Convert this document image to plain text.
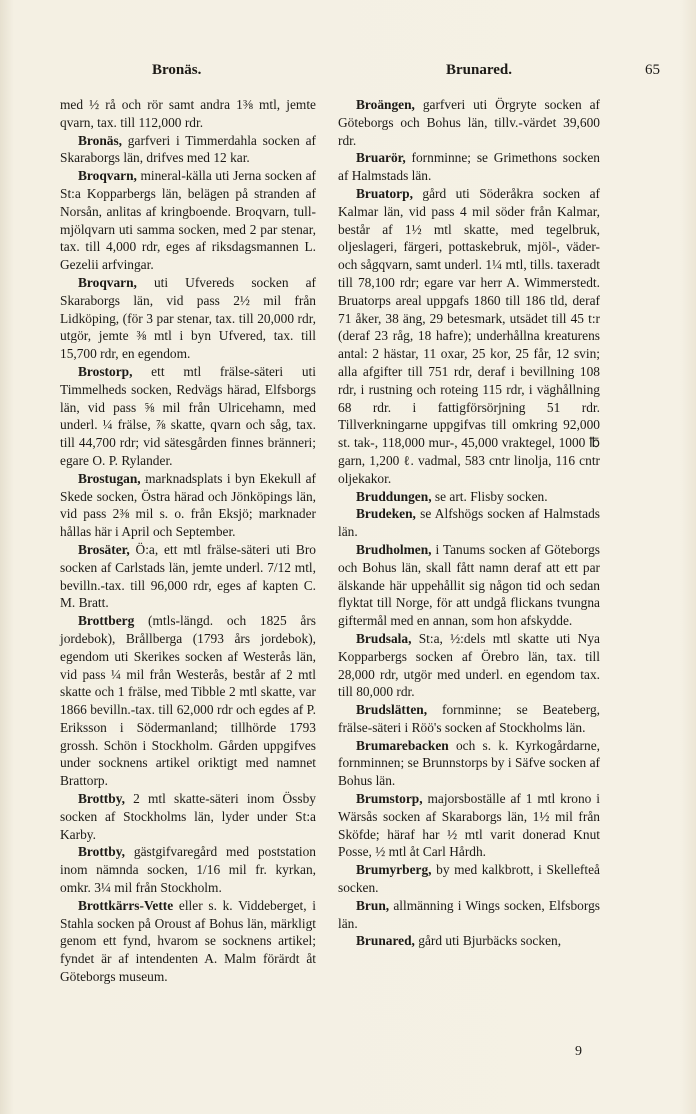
Bronäs.	Brunared.	65

med ½ rå och rör samt andra 1⅜ mtl, jemte qvarn, tax. till 112,000 rdr.

Bronäs, garfveri i Timmerdahla socken af Skaraborgs län, drifves med 12 kar.

Broqvarn, mineral-källa uti Jerna socken af St:a Kopparbergs län, belägen på stranden af Norsån, anlitas af kringboende. Broqvarn, tull-mjölqvarn uti samma socken, med 2 par stenar, tax. till 4,000 rdr, eges af riksdagsmannen L. Gezelii arfvingar.

Broqvarn, uti Ufvereds socken af Skaraborgs län, vid pass 2½ mil från Lidköping, (för 3 par stenar, tax. till 20,000 rdr, utgör, jemte ⅜ mtl i byn Ufvered, tax. till 15,700 rdr, en egendom.

Brostorp, ett mtl frälse-säteri uti Timmelheds socken, Redvägs härad, Elfsborgs län, vid pass ⅝ mil från Ulricehamn, med underl. ¼ frälse, ⅞ skatte, qvarn och såg, tax. till 44,700 rdr; vid sätesgården finnes bränneri; egare O. P. Rylander.

Brostugan, marknadsplats i byn Ekekull af Skede socken, Östra härad och Jönköpings län, vid pass 2⅜ mil s. o. från Eksjö; marknader hållas här i April och September.

Brosäter, Ö:a, ett mtl frälse-säteri uti Bro socken af Carlstads län, jemte underl. 7/12 mtl, bevilln.-tax. till 96,000 rdr, eges af kapten C. M. Bratt.

Brottberg (mtls-längd. och 1825 års jordebok), Brållberga (1793 års jordebok), egendom uti Skerikes socken af Westerås län, vid pass ¼ mil från Westerås, består af 2 mtl skatte och 1 frälse, med Tibble 2 mtl skatte, var 1866 bevilln.-tax. till 62,000 rdr och egdes af P. Eriksson i Södermanland; tillhörde 1793 grossh. Schön i Stockholm. Gården uppgifves under socknens artikel oriktigt med namnet Brattorp.

Brottby, 2 mtl skatte-säteri inom Össby socken af Stockholms län, lyder under St:a Karby.

Brottby, gästgifvaregård med poststation inom nämnda socken, 1/16 mil fr. kyrkan, omkr. 3¼ mil från Stockholm.

Brottkärrs-Vette eller s. k. Viddeberget, i Stahla socken på Oroust af Bohus län, märkligt genom ett fynd, hvarom se socknens artikel; fyndet är af intendenten A. Malm förärdt åt Göteborgs museum.

Broängen, garfveri uti Örgryte socken af Göteborgs och Bohus län, tillv.-värdet 39,600 rdr.

Bruarör, fornminne; se Grimethons socken af Halmstads län.

Bruatorp, gård uti Söderåkra socken af Kalmar län, vid pass 4 mil söder från Kalmar, består af 1½ mtl skatte, med tegelbruk, oljeslageri, färgeri, pottaskebruk, mjöl-, väder- och sågqvarn, samt underl. 1¼ mtl, tills. taxeradt till 78,100 rdr; egare var herr A. Wimmerstedt. Bruatorps areal uppgafs 1860 till 186 tld, deraf 71 åker, 38 äng, 29 betesmark, utsädet till 45 t:r (deraf 23 råg, 18 hafre); underhållna kreaturens antal: 2 hästar, 11 oxar, 25 kor, 25 får, 12 svin; alla afgifter till 751 rdr, deraf i bevillning 108 rdr, i rustning och roteing 115 rdr, i väghållning 68 rdr. i fattigförsörjning 51 rdr. Tillverkningarne uppgifvas till omkring 92,000 st. tak-, 118,000 mur-, 45,000 vraktegel, 1000 ℔ garn, 1,200 ℓ. vadmal, 583 cntr linolja, 116 cntr oljekakor.

Bruddungen, se art. Flisby socken.

Brudeken, se Alfshögs socken af Halmstads län.

Brudholmen, i Tanums socken af Göteborgs och Bohus län, skall fått namn deraf att ett par älskande här uppehållit sig någon tid och sedan flyktat till Norge, för att undgå flickans tvungna giftermål med en annan, som hon afskydde.

Brudsala, St:a, ½:dels mtl skatte uti Nya Kopparbergs socken af Örebro län, tax. till 28,000 rdr, utgör med underl. en egendom tax. till 80,000 rdr.

Brudslätten, fornminne; se Beateberg, frälse-säteri i Röö's socken af Stockholms län.

Brumarebacken och s. k. Kyrkogårdarne, fornminnen; se Brunnstorps by i Säfve socken af Bohus län.

Brumstorp, majorsboställe af 1 mtl krono i Wärsås socken af Skaraborgs län, 1½ mil från Sköfde; häraf har ½ mtl varit donerad Knut Posse, ½ mtl åt Carl Hårdh.

Brumyrberg, by med kalkbrott, i Skellefteå socken.

Brun, allmänning i Wings socken, Elfsborgs län.

Brunared, gård uti Bjurbäcks socken,

9
